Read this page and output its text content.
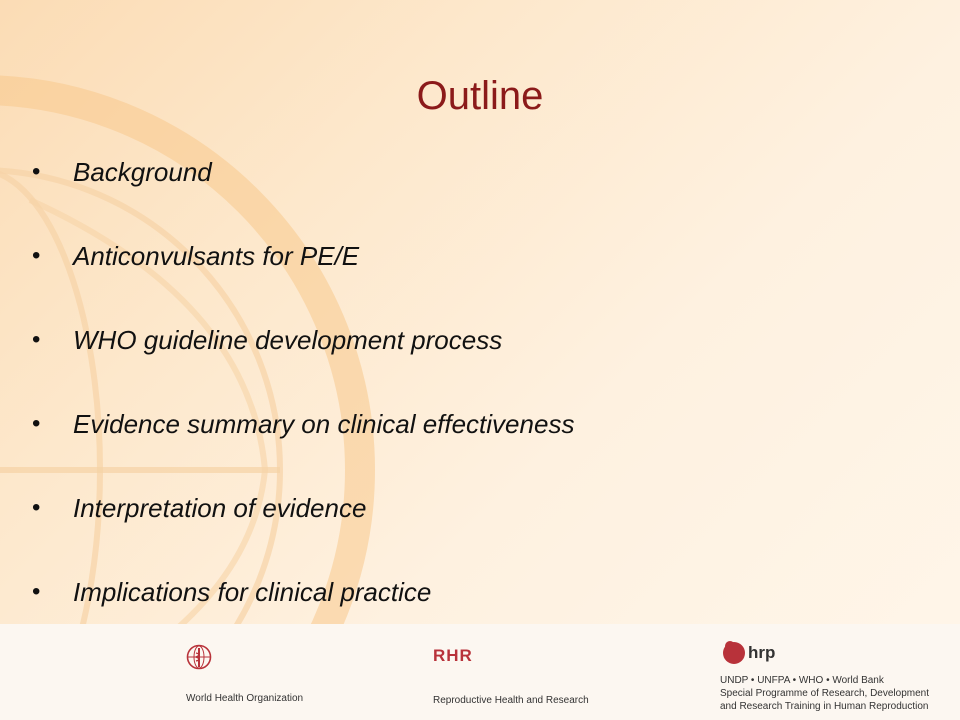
Outline
• Background
• Anticonvulsants for PE/E
• WHO guideline development process
• Evidence summary on clinical effectiveness
• Interpretation of evidence
• Implications for clinical practice
World Health Organization
RHR
Reproductive Health and Research
hrp
UNDP • UNFPA • WHO • World Bank
Special Programme of Research, Development
and Research Training in Human Reproduction
